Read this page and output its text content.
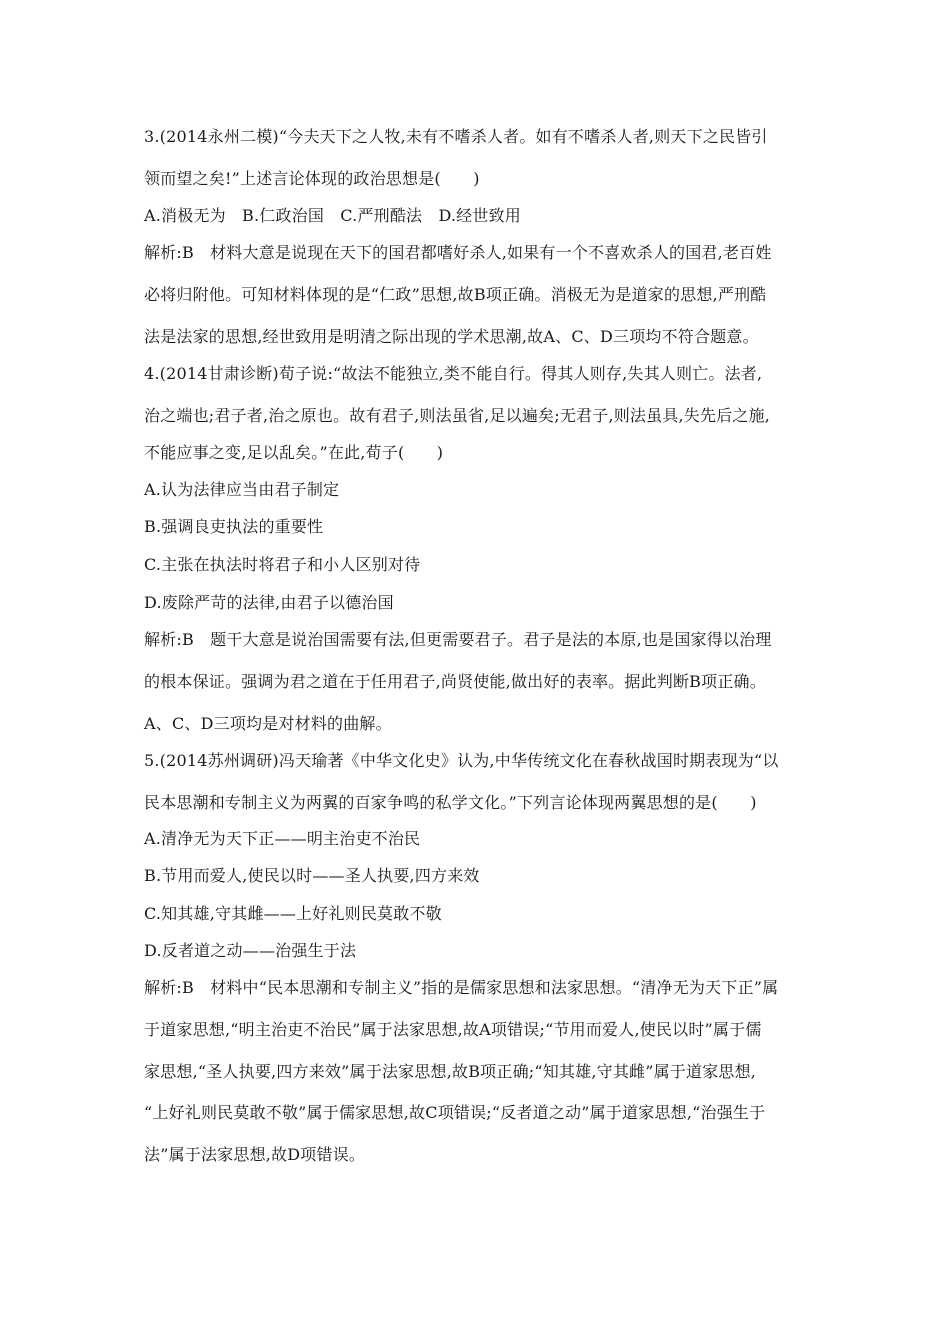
3.(2014永州二模)“今夫天下之人牧,未有不嗜杀人者。如有不嗜杀人者,则天下之民皆引
领而望之矣!”上述言论体现的政治思想是(　　)
A.消极无为　B.仁政治国　C.严刑酷法　D.经世致用
解析:B　材料大意是说现在天下的国君都嗜好杀人,如果有一个不喜欢杀人的国君,老百姓
必将归附他。可知材料体现的是“仁政”思想,故B项正确。消极无为是道家的思想,严刑酷
法是法家的思想,经世致用是明清之际出现的学术思潮,故A、C、D三项均不符合题意。
4.(2014甘肃诊断)荀子说:“故法不能独立,类不能自行。得其人则存,失其人则亡。法者,
治之端也;君子者,治之原也。故有君子,则法虽省,足以遍矣;无君子,则法虽具,失先后之施,
不能应事之变,足以乱矣。”在此,荀子(　　)
A.认为法律应当由君子制定
B.强调良吏执法的重要性
C.主张在执法时将君子和小人区别对待
D.废除严苛的法律,由君子以德治国
解析:B　题干大意是说治国需要有法,但更需要君子。君子是法的本原,也是国家得以治理
的根本保证。强调为君之道在于任用君子,尚贤使能,做出好的表率。据此判断B项正确。
A、C、D三项均是对材料的曲解。
5.(2014苏州调研)冯天瑜著《中华文化史》认为,中华传统文化在春秋战国时期表现为“以
民本思潮和专制主义为两翼的百家争鸣的私学文化。”下列言论体现两翼思想的是(　　)
A.清净无为天下正——明主治吏不治民
B.节用而爱人,使民以时——圣人执要,四方来效
C.知其雄,守其雌——上好礼则民莫敢不敬
D.反者道之动——治强生于法
解析:B　材料中“民本思潮和专制主义”指的是儒家思想和法家思想。“清净无为天下正”属
于道家思想,“明主治吏不治民”属于法家思想,故A项错误;“节用而爱人,使民以时”属于儒
家思想,“圣人执要,四方来效”属于法家思想,故B项正确;“知其雄,守其雌”属于道家思想,
“上好礼则民莫敢不敬”属于儒家思想,故C项错误;“反者道之动”属于道家思想,“治强生于
法”属于法家思想,故D项错误。
